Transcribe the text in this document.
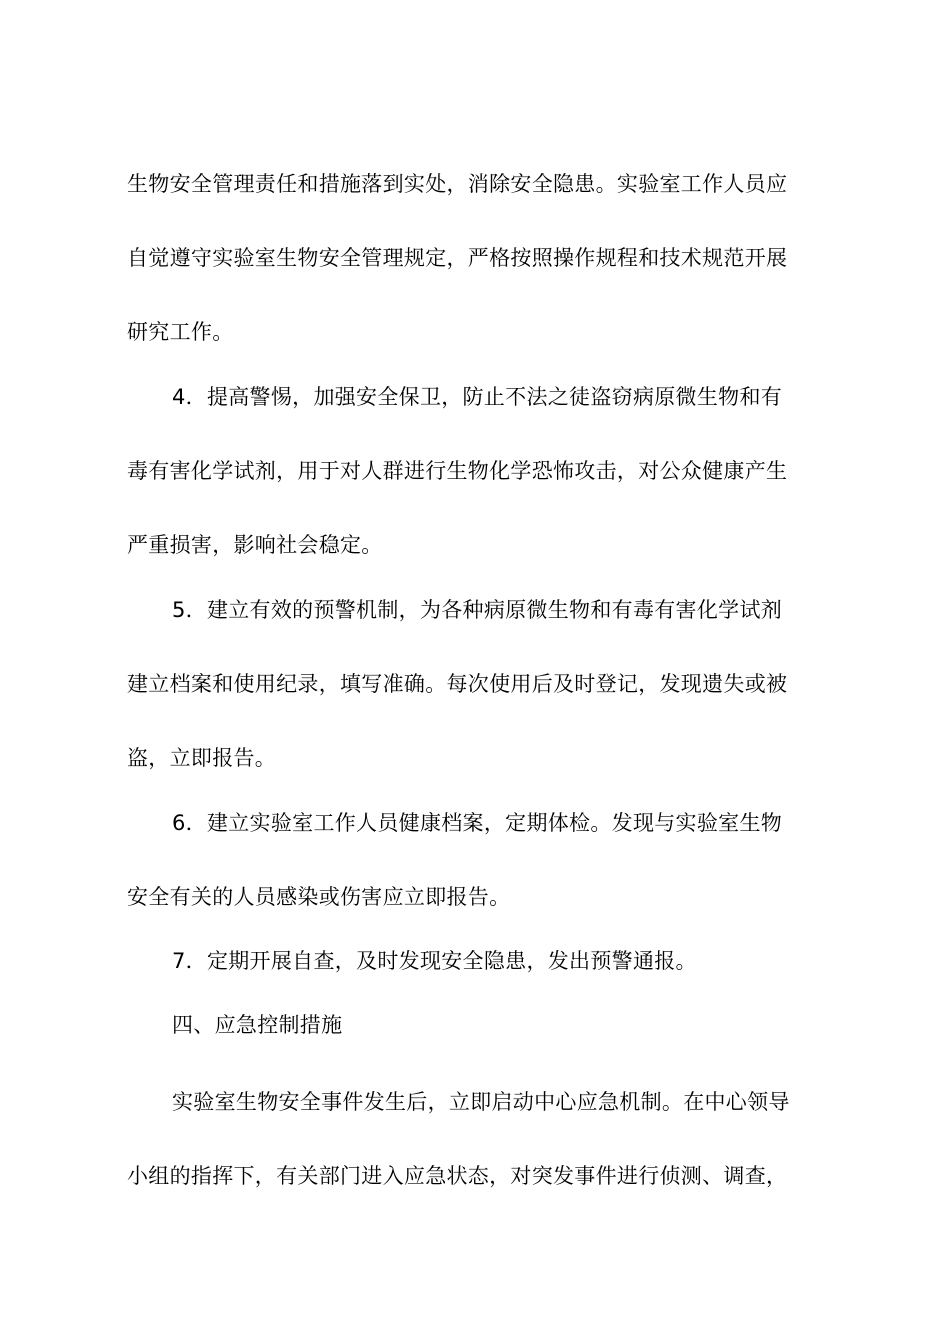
生物安全管理责任和措施落到实处，消除安全隐患。实验室工作人员应
自觉遵守实验室生物安全管理规定，严格按照操作规程和技术规范开展
研究工作。
4．提高警惕，加强安全保卫，防止不法之徒盗窃病原微生物和有
毒有害化学试剂，用于对人群进行生物化学恐怖攻击，对公众健康产生
严重损害，影响社会稳定。
5．建立有效的预警机制，为各种病原微生物和有毒有害化学试剂
建立档案和使用纪录，填写准确。每次使用后及时登记，发现遗失或被
盗，立即报告。
6．建立实验室工作人员健康档案，定期体检。发现与实验室生物
安全有关的人员感染或伤害应立即报告。
7．定期开展自查，及时发现安全隐患，发出预警通报。
四、应急控制措施
实验室生物安全事件发生后，立即启动中心应急机制。在中心领导
小组的指挥下，有关部门进入应急状态，对突发事件进行侦测、调查，
